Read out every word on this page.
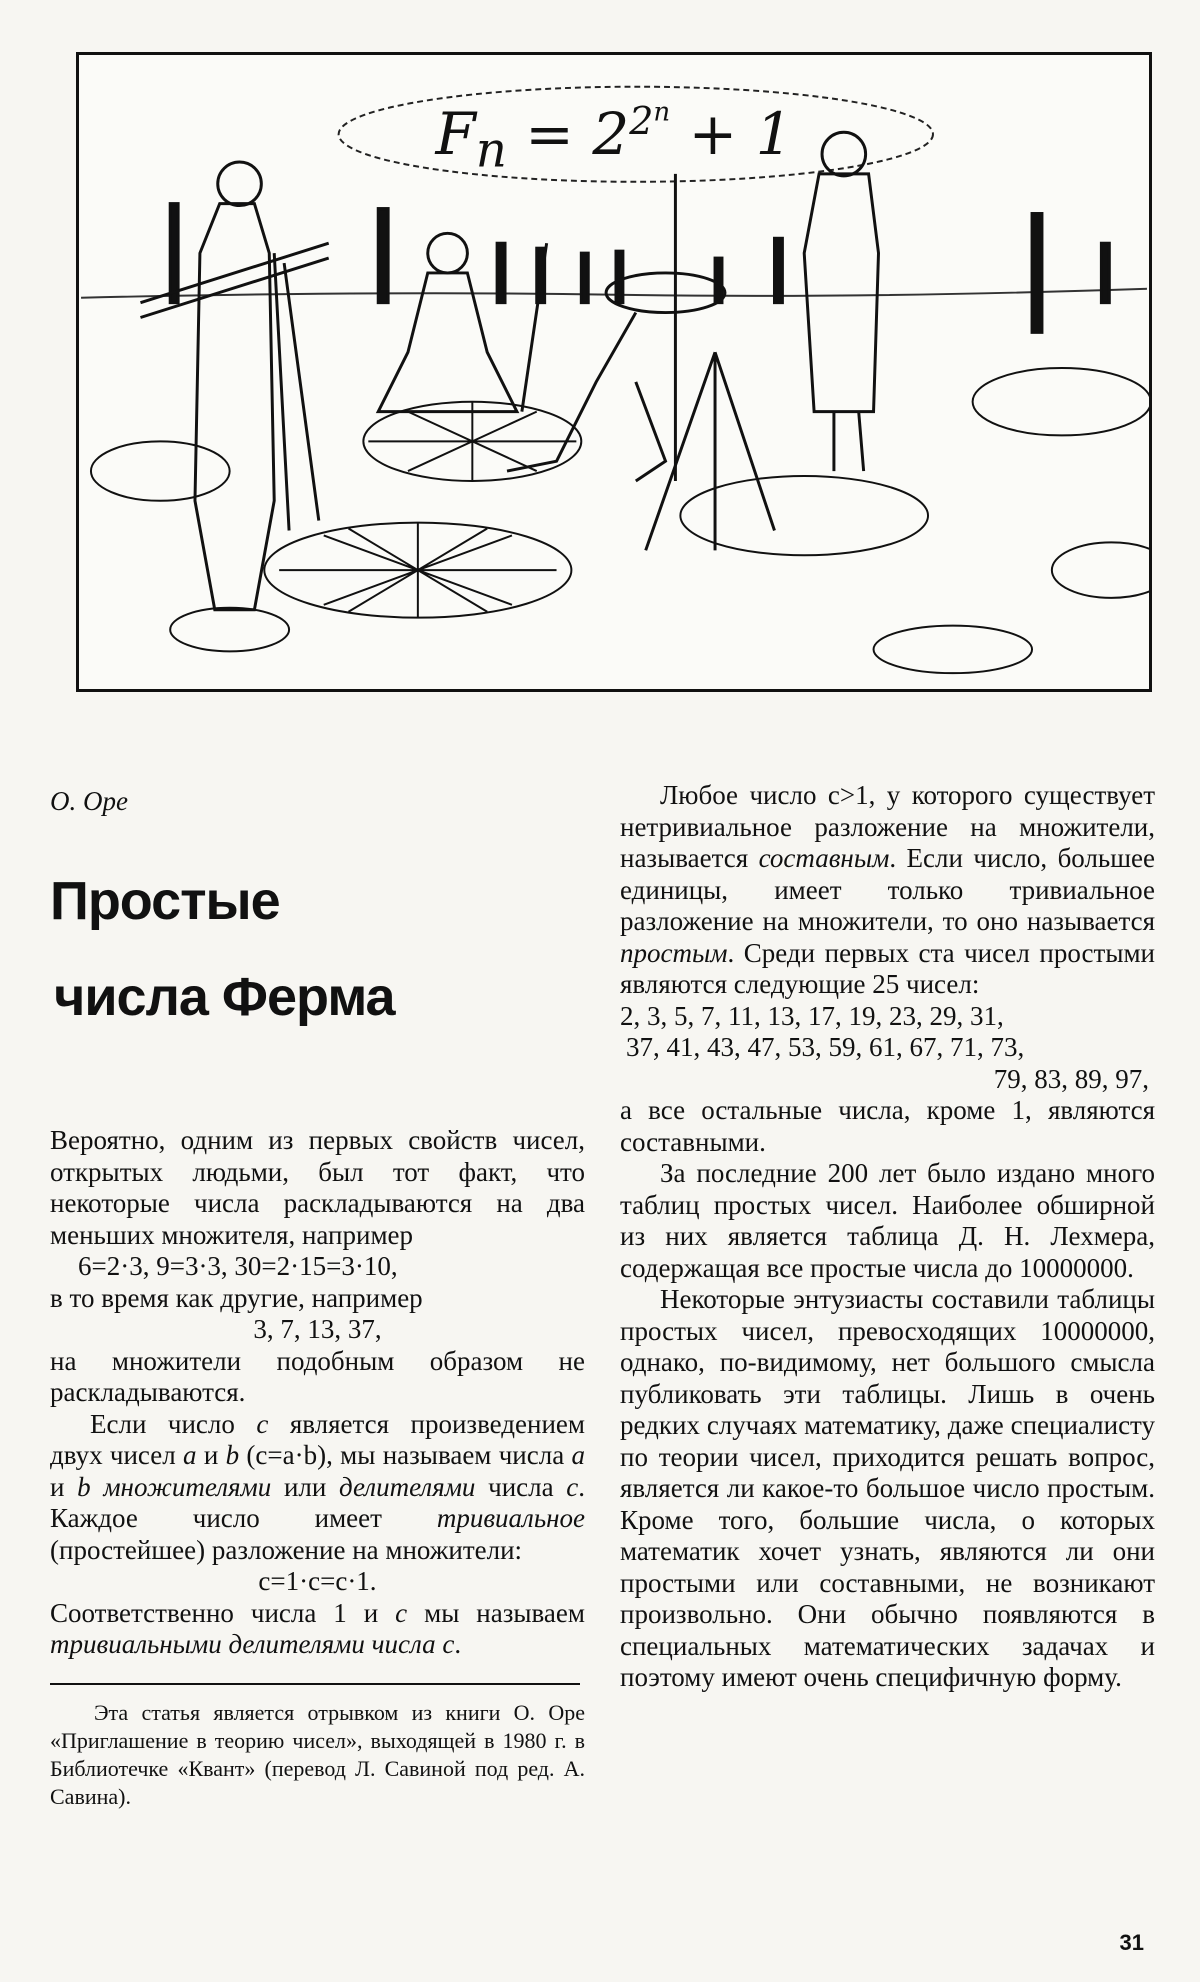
$F_n = 2^{2^n} + 1$
О. Оре
Простые
числа Ферма

Вероятно, одним из первых свойств чисел, открытых людьми, был тот факт, что некоторые числа раскладываются на два меньших множителя, например

6=2·3, 9=3·3, 30=2·15=3·10,

в то время как другие, например

3, 7, 13, 37,

на множители подобным образом не раскладываются.

Если число c является произведением двух чисел a и b (c=a·b), мы называем числа a и b множителями или делителями числа c. Каждое число имеет тривиальное (простейшее) разложение на множители:

c=1·c=c·1.

Соответственно числа 1 и c мы называем тривиальными делителями числа c.

Эта статья является отрывком из книги О. Оре «Приглашение в теорию чисел», выходящей в 1980 г. в Библиотечке «Квант» (перевод Л. Савиной под ред. А. Савина).

Любое число c>1, у которого существует нетривиальное разложение на множители, называется составным. Если число, большее единицы, имеет только тривиальное разложение на множители, то оно называется простым. Среди первых ста чисел простыми являются следующие 25 чисел:

2, 3, 5, 7, 11, 13, 17, 19, 23, 29, 31,
37, 41, 43, 47, 53, 59, 61, 67, 71, 73,
79, 83, 89, 97,

а все остальные числа, кроме 1, являются составными.

За последние 200 лет было издано много таблиц простых чисел. Наиболее обширной из них является таблица Д. Н. Лехмера, содержащая все простые числа до 10000000.

Некоторые энтузиасты составили таблицы простых чисел, превосходящих 10000000, однако, по-видимому, нет большого смысла публиковать эти таблицы. Лишь в очень редких случаях математику, даже специалисту по теории чисел, приходится решать вопрос, является ли какое-то большое число простым. Кроме того, большие числа, о которых математик хочет узнать, являются ли они простыми или составными, не возникают произвольно. Они обычно появляются в специальных математических задачах и поэтому имеют очень специфичную форму.

31
